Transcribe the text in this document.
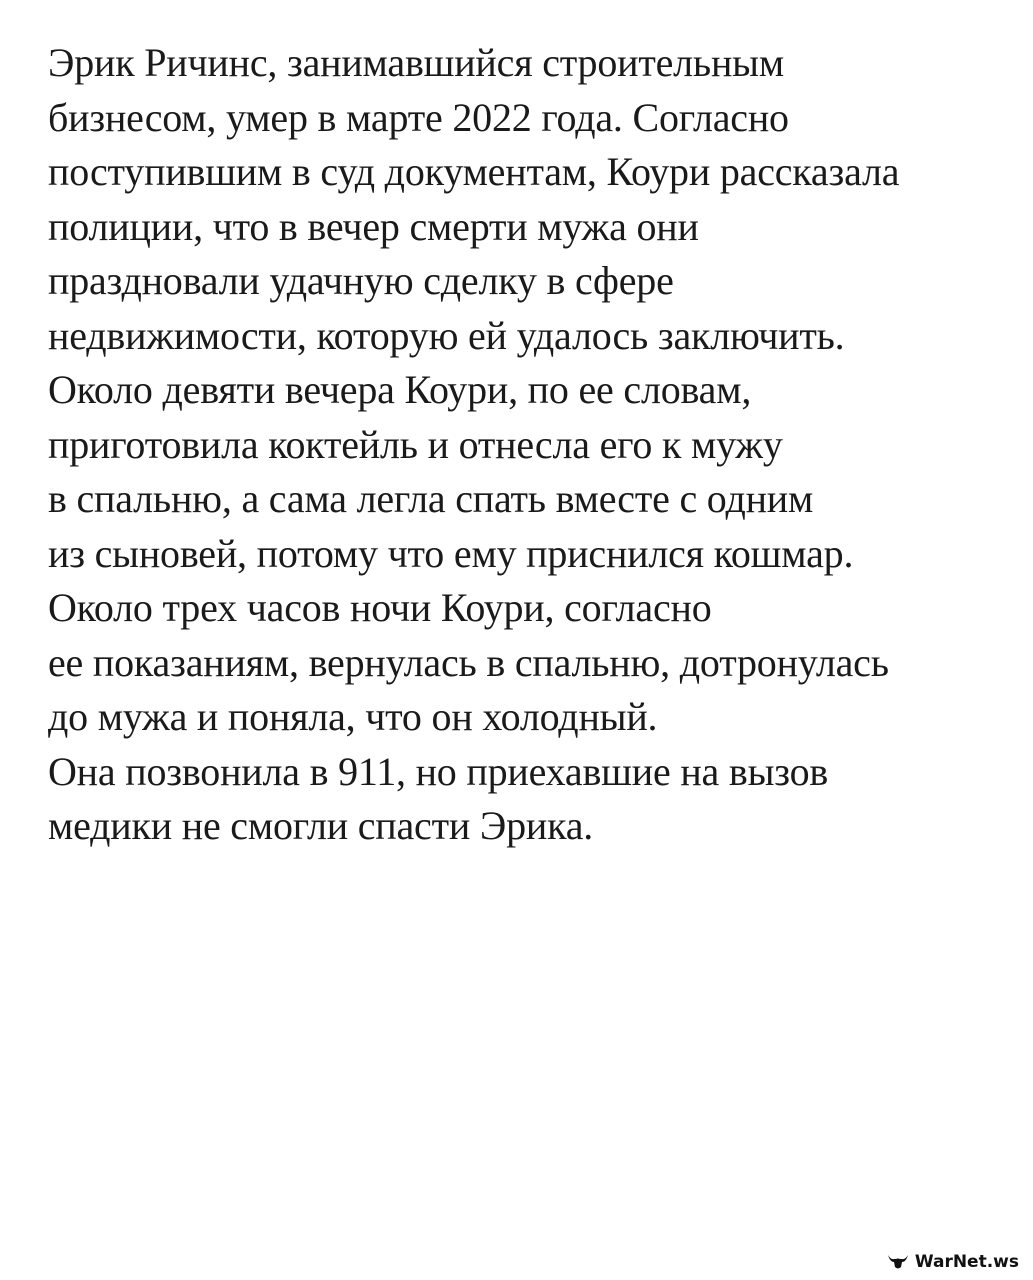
Эрик Ричинс, занимавшийся строительным
бизнесом, умер в марте 2022 года. Согласно
поступившим в суд документам, Коури рассказала
полиции, что в вечер смерти мужа они
праздновали удачную сделку в сфере
недвижимости, которую ей удалось заключить.
Около девяти вечера Коури, по ее словам,
приготовила коктейль и отнесла его к мужу
в спальню, а сама легла спать вместе с одним
из сыновей, потому что ему приснился кошмар.
Около трех часов ночи Коури, согласно
ее показаниям, вернулась в спальню, дотронулась
до мужа и поняла, что он холодный.
Она позвонила в 911, но приехавшие на вызов
медики не смогли спасти Эрика.
WarNet.ws
